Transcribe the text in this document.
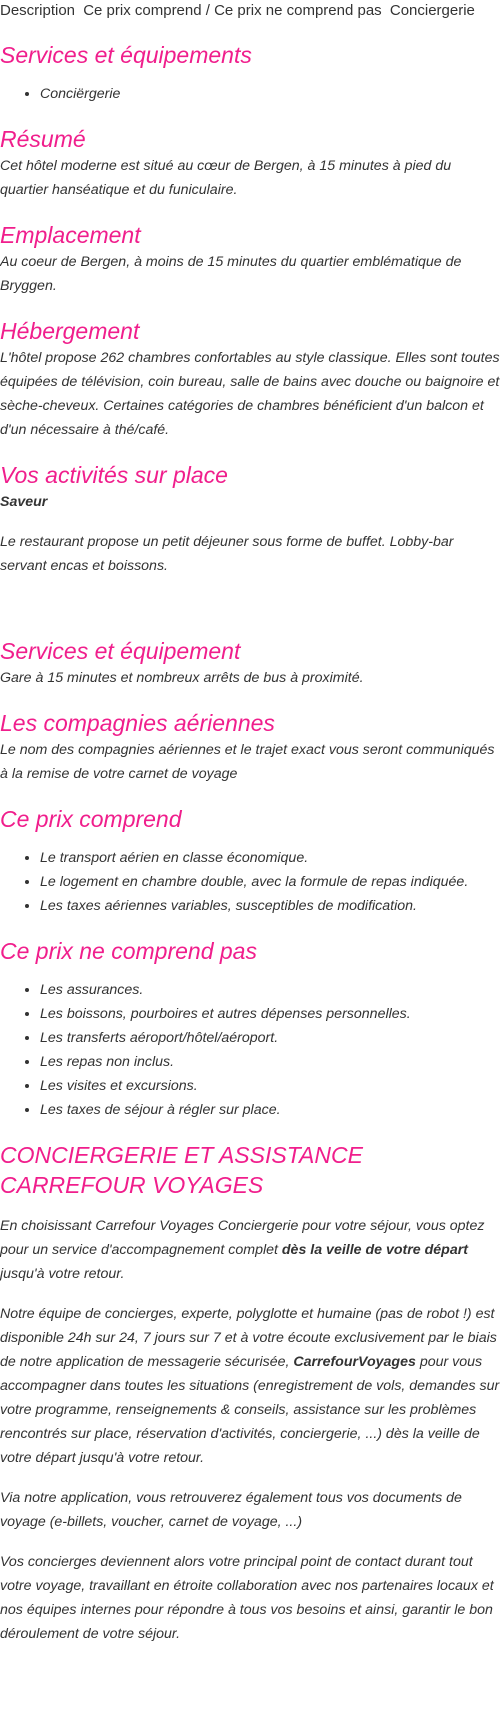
Description Ce prix comprend / Ce prix ne comprend pas Conciergerie
Services et équipements
• Conciërgerie
Résumé

Cet hôtel moderne est situé au cœur de Bergen, à 15 minutes à pied du quartier hanséatique et du funiculaire.

Emplacement

Au coeur de Bergen, à moins de 15 minutes du quartier emblématique de Bryggen.

Hébergement

L'hôtel propose 262 chambres confortables au style classique. Elles sont toutes équipées de télévision, coin bureau, salle de bains avec douche ou baignoire et sèche-cheveux. Certaines catégories de chambres bénéficient d'un balcon et d'un nécessaire à thé/café.

Vos activités sur place

Saveur

Le restaurant propose un petit déjeuner sous forme de buffet. Lobby-bar servant encas et boissons.

Services et équipement

Gare à 15 minutes et nombreux arrêts de bus à proximité.

Les compagnies aériennes

Le nom des compagnies aériennes et le trajet exact vous seront communiqués à la remise de votre carnet de voyage

Ce prix comprend
• Le transport aérien en classe économique.
• Le logement en chambre double, avec la formule de repas indiquée.
• Les taxes aériennes variables, susceptibles de modification.
Ce prix ne comprend pas
• Les assurances.
• Les boissons, pourboires et autres dépenses personnelles.
• Les transferts aéroport/hôtel/aéroport.
• Les repas non inclus.
• Les visites et excursions.
• Les taxes de séjour à régler sur place.
CONCIERGERIE ET ASSISTANCE CARREFOUR VOYAGES

En choisissant Carrefour Voyages Conciergerie pour votre séjour, vous optez pour un service d'accompagnement complet dès la veille de votre départ jusqu'à votre retour.

Notre équipe de concierges, experte, polyglotte et humaine (pas de robot !) est disponible 24h sur 24, 7 jours sur 7 et à votre écoute exclusivement par le biais de notre application de messagerie sécurisée, CarrefourVoyages pour vous accompagner dans toutes les situations (enregistrement de vols, demandes sur votre programme, renseignements & conseils, assistance sur les problèmes rencontrés sur place, réservation d'activités, conciergerie, ...) dès la veille de votre départ jusqu'à votre retour.

Via notre application, vous retrouverez également tous vos documents de voyage (e-billets, voucher, carnet de voyage, ...)

Vos concierges deviennent alors votre principal point de contact durant tout votre voyage, travaillant en étroite collaboration avec nos partenaires locaux et nos équipes internes pour répondre à tous vos besoins et ainsi, garantir le bon déroulement de votre séjour.
